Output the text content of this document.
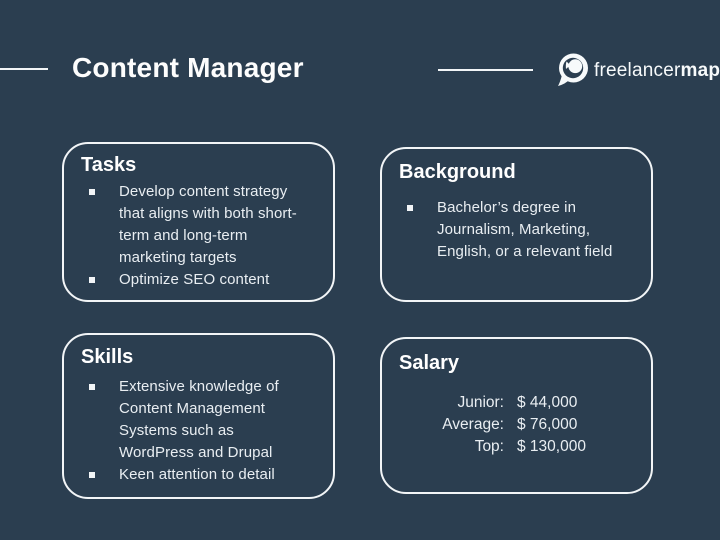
Content Manager	freelancermap
Tasks
Develop content strategy that aligns with both short-term and long-term marketing targets
Optimize SEO content
Background
Bachelor’s degree in Journalism, Marketing, English, or a relevant field
Skills
Extensive knowledge of Content Management Systems such as WordPress and Drupal
Keen attention to detail
Salary
Junior: $ 44,000
Average: $ 76,000
Top: $ 130,000
